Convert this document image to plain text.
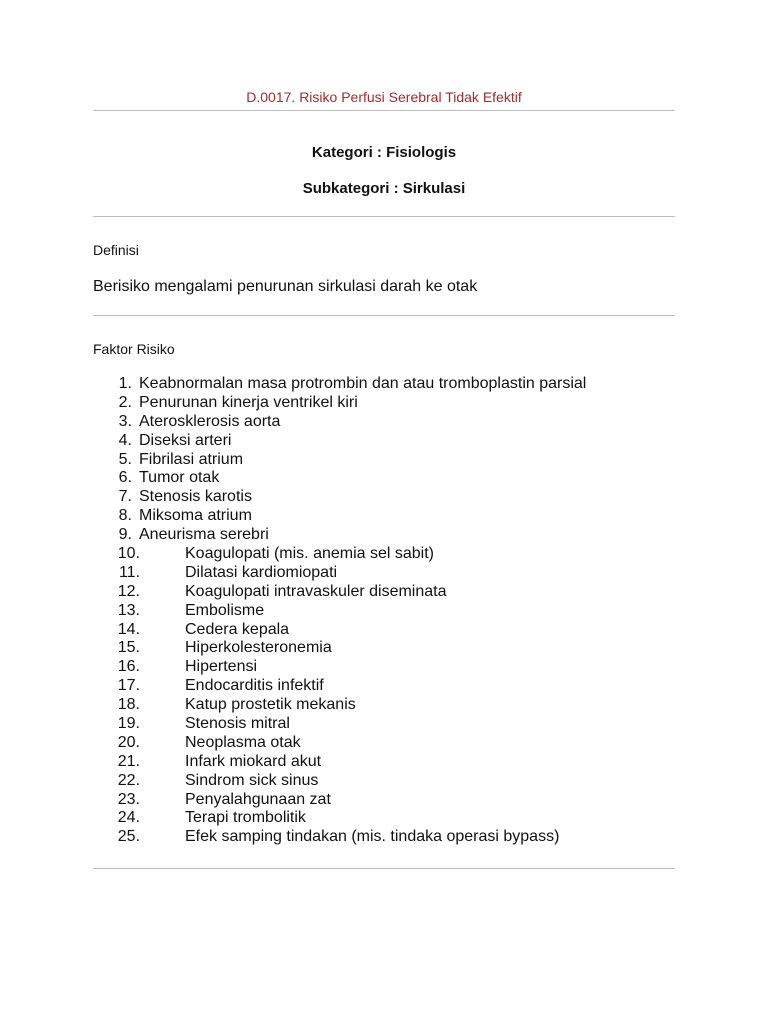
D.0017. Risiko Perfusi Serebral Tidak Efektif
Kategori : Fisiologis
Subkategori : Sirkulasi
Definisi
Berisiko mengalami penurunan sirkulasi darah ke otak
Faktor Risiko
1. Keabnormalan masa protrombin dan atau tromboplastin parsial
2. Penurunan kinerja ventrikel kiri
3. Aterosklerosis aorta
4. Diseksi arteri
5. Fibrilasi atrium
6. Tumor otak
7. Stenosis karotis
8. Miksoma atrium
9. Aneurisma serebri
10.	Koagulopati (mis. anemia sel sabit)
11.	Dilatasi kardiomiopati
12.	Koagulopati intravaskuler diseminata
13.	Embolisme
14.	Cedera kepala
15.	Hiperkolesteronemia
16.	Hipertensi
17.	Endocarditis infektif
18.	Katup prostetik mekanis
19.	Stenosis mitral
20.	Neoplasma otak
21.	Infark miokard akut
22.	Sindrom sick sinus
23.	Penyalahgunaan zat
24.	Terapi trombolitik
25.	Efek samping tindakan (mis. tindaka operasi bypass)
